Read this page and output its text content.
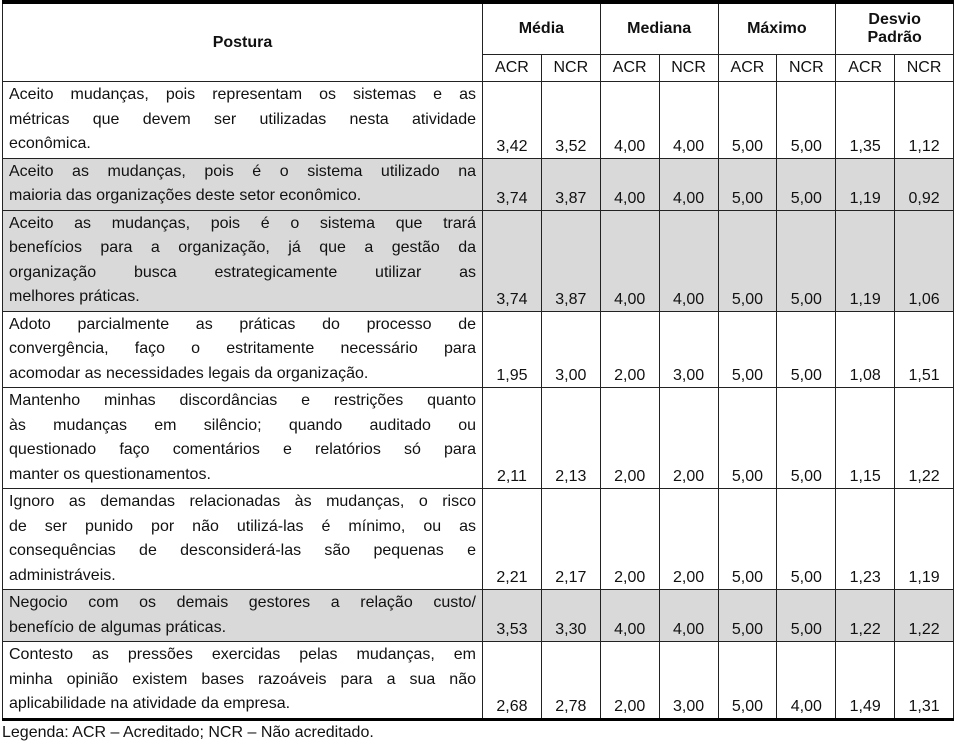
Postura	Média		Mediana		Máximo		Desvio Padrão	
	ACR	NCR	ACR	NCR	ACR	NCR	ACR	NCR

Aceito mudanças, pois representam os sistemas e as
métricas que devem ser utilizadas nesta atividade
econômica.	3,42	3,52	4,00	4,00	5,00	5,00	1,35	1,12

Aceito as mudanças, pois é o sistema utilizado na
maioria das organizações deste setor econômico.	3,74	3,87	4,00	4,00	5,00	5,00	1,19	0,92

Aceito as mudanças, pois é o sistema que trará
benefícios para a organização, já que a gestão da
organização busca estrategicamente utilizar as
melhores práticas.	3,74	3,87	4,00	4,00	5,00	5,00	1,19	1,06

Adoto parcialmente as práticas do processo de
convergência, faço o estritamente necessário para
acomodar as necessidades legais da organização.	1,95	3,00	2,00	3,00	5,00	5,00	1,08	1,51

Mantenho minhas discordâncias e restrições quanto
às mudanças em silêncio; quando auditado ou
questionado faço comentários e relatórios só para
manter os questionamentos.	2,11	2,13	2,00	2,00	5,00	5,00	1,15	1,22

Ignoro as demandas relacionadas às mudanças, o risco
de ser punido por não utilizá-las é mínimo, ou as
consequências de desconsiderá-las são pequenas e
administráveis.	2,21	2,17	2,00	2,00	5,00	5,00	1,23	1,19

Negocio com os demais gestores a relação custo/
benefício de algumas práticas.	3,53	3,30	4,00	4,00	5,00	5,00	1,22	1,22

Contesto as pressões exercidas pelas mudanças, em
minha opinião existem bases razoáveis para a sua não
aplicabilidade na atividade da empresa.	2,68	2,78	2,00	3,00	5,00	4,00	1,49	1,31
Legenda: ACR – Acreditado; NCR – Não acreditado.
